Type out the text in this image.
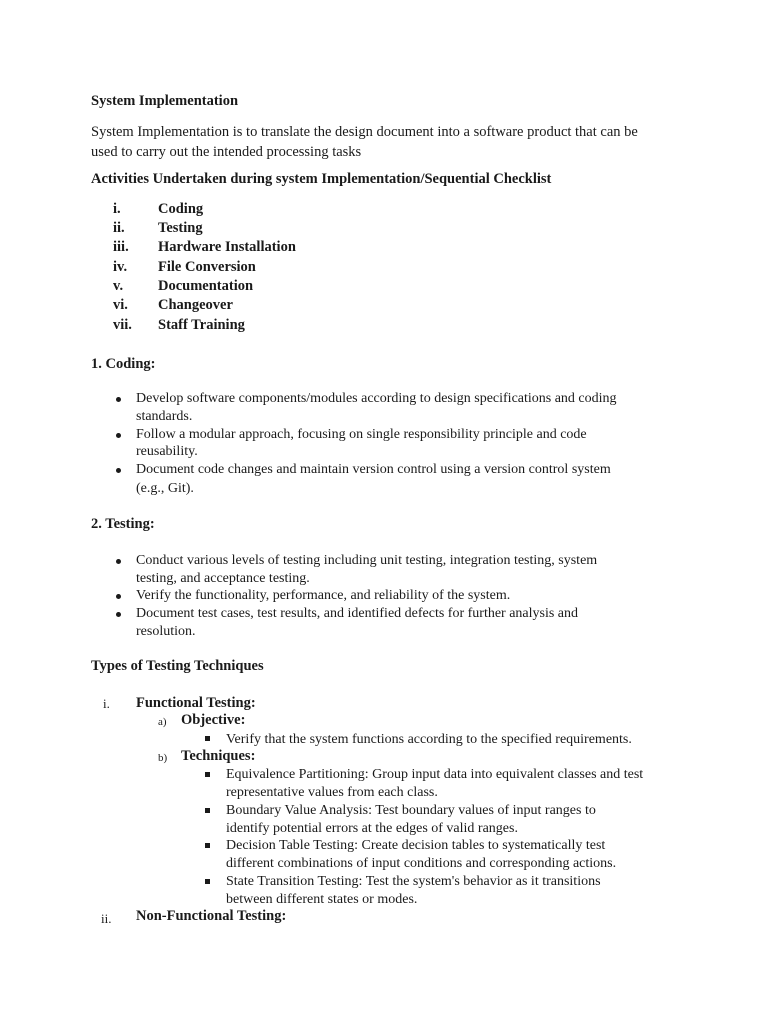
System Implementation
System Implementation is to translate the design document into a software product that can be
used to carry out the intended processing tasks
Activities Undertaken during system Implementation/Sequential Checklist
i.	Coding
ii. Testing
iii. Hardware Installation
iv. File Conversion
v. Documentation
vi. Changeover
vii. Staff Training
1. Coding:
Develop software components/modules according to design specifications and coding
standards.
Follow a modular approach, focusing on single responsibility principle and code
reusability.
Document code changes and maintain version control using a version control system
(e.g., Git).
2. Testing:
Conduct various levels of testing including unit testing, integration testing, system
testing, and acceptance testing.
Verify the functionality, performance, and reliability of the system.
Document test cases, test results, and identified defects for further analysis and
resolution.
Types of Testing Techniques
i. Functional Testing:
a) Objective:
Verify that the system functions according to the specified requirements.
b) Techniques:
Equivalence Partitioning: Group input data into equivalent classes and test
representative values from each class.
Boundary Value Analysis: Test boundary values of input ranges to
identify potential errors at the edges of valid ranges.
Decision Table Testing: Create decision tables to systematically test
different combinations of input conditions and corresponding actions.
State Transition Testing: Test the system's behavior as it transitions
between different states or modes.
ii. Non-Functional Testing:
